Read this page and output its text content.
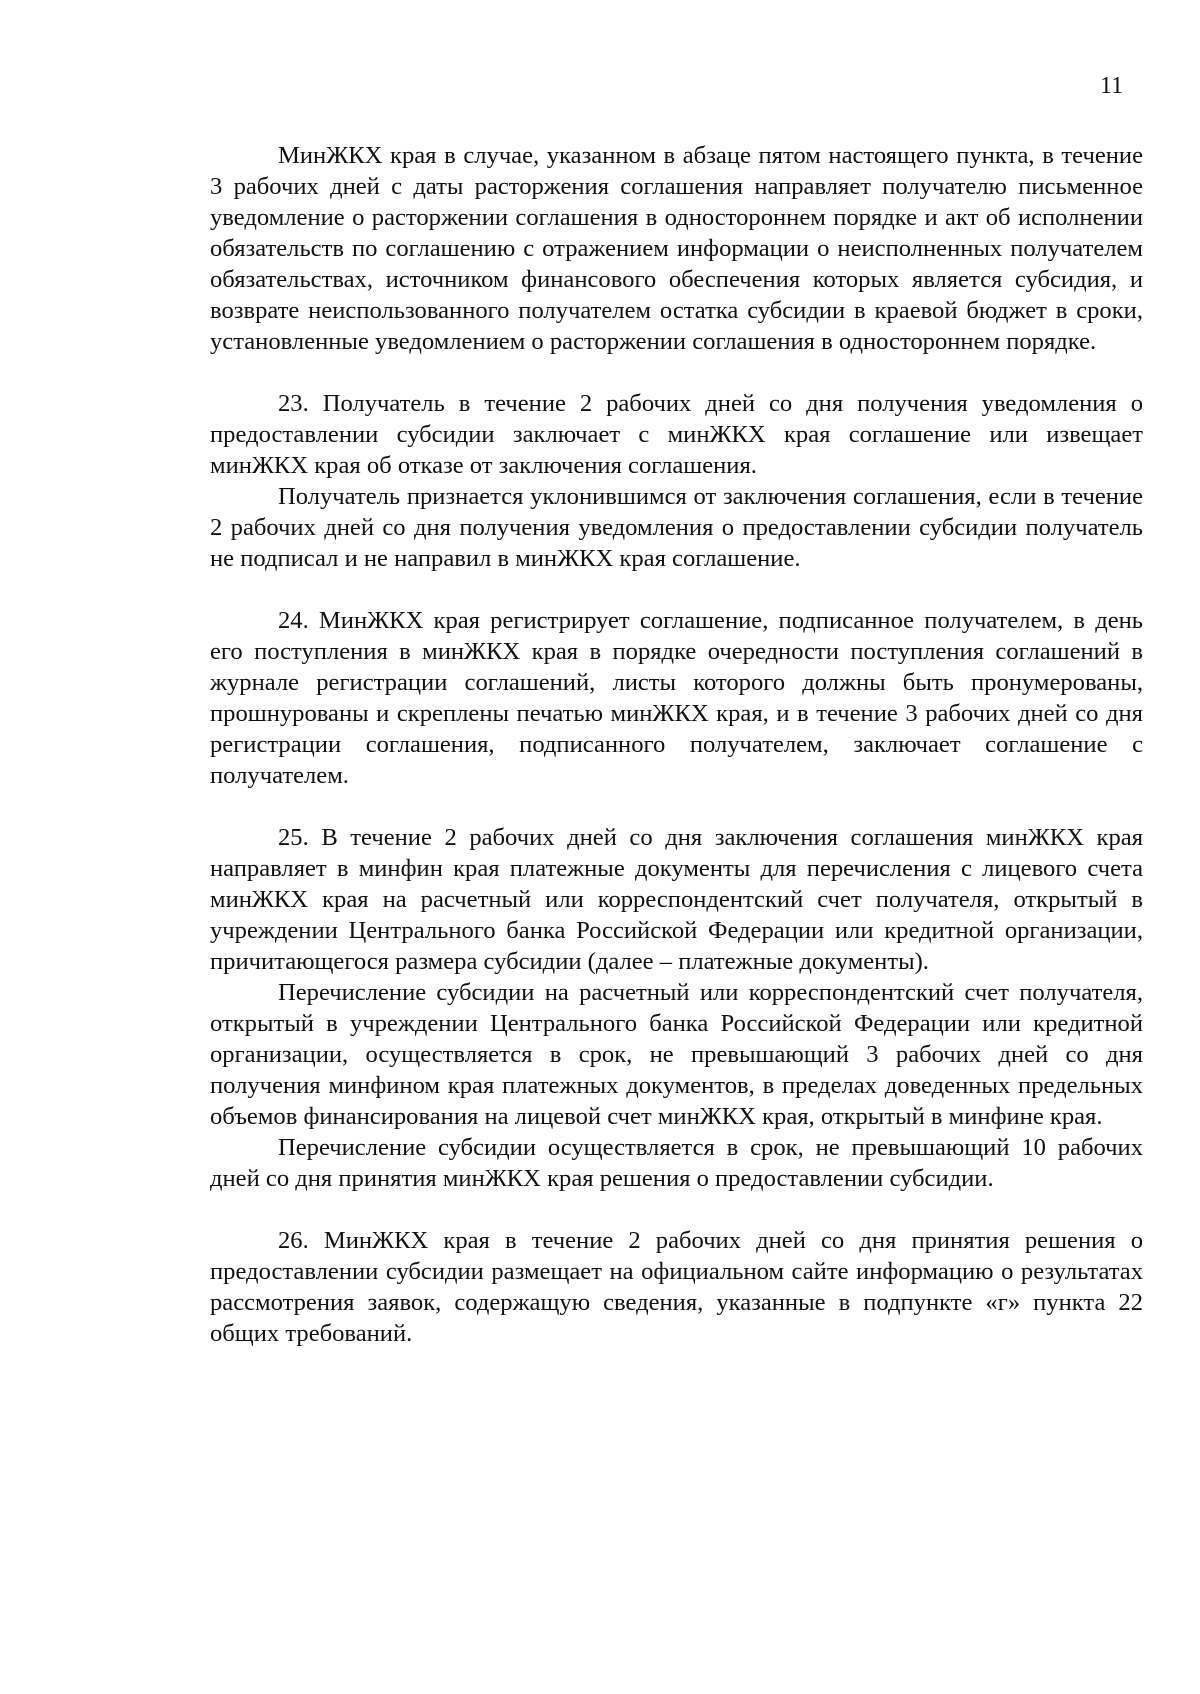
11

МинЖКХ края в случае, указанном в абзаце пятом настоящего пункта, в течение 3 рабочих дней с даты расторжения соглашения направляет получателю письменное уведомление о расторжении соглашения в одностороннем порядке и акт об исполнении обязательств по соглашению с отражением информации о неисполненных получателем обязательствах, источником финансового обеспечения которых является субсидия, и возврате неиспользованного получателем остатка субсидии в краевой бюджет в сроки, установленные уведомлением о расторжении соглашения в одностороннем порядке.

23. Получатель в течение 2 рабочих дней со дня получения уведомления о предоставлении субсидии заключает с минЖКХ края соглашение или извещает минЖКХ края об отказе от заключения соглашения.

Получатель признается уклонившимся от заключения соглашения, если в течение 2 рабочих дней со дня получения уведомления о предоставлении субсидии получатель не подписал и не направил в минЖКХ края соглашение.

24. МинЖКХ края регистрирует соглашение, подписанное получателем, в день его поступления в минЖКХ края в порядке очередности поступления соглашений в журнале регистрации соглашений, листы которого должны быть пронумерованы, прошнурованы и скреплены печатью минЖКХ края, и в течение 3 рабочих дней со дня регистрации соглашения, подписанного получателем, заключает соглашение с получателем.

25. В течение 2 рабочих дней со дня заключения соглашения минЖКХ края направляет в минфин края платежные документы для перечисления с лицевого счета минЖКХ края на расчетный или корреспондентский счет получателя, открытый в учреждении Центрального банка Российской Федерации или кредитной организации, причитающегося размера субсидии (далее – платежные документы).

Перечисление субсидии на расчетный или корреспондентский счет получателя, открытый в учреждении Центрального банка Российской Федерации или кредитной организации, осуществляется в срок, не превышающий 3 рабочих дней со дня получения минфином края платежных документов, в пределах доведенных предельных объемов финансирования на лицевой счет минЖКХ края, открытый в минфине края.

Перечисление субсидии осуществляется в срок, не превышающий 10 рабочих дней со дня принятия минЖКХ края решения о предоставлении субсидии.

26. МинЖКХ края в течение 2 рабочих дней со дня принятия решения о предоставлении субсидии размещает на официальном сайте информацию о результатах рассмотрения заявок, содержащую сведения, указанные в подпункте «г» пункта 22 общих требований.
